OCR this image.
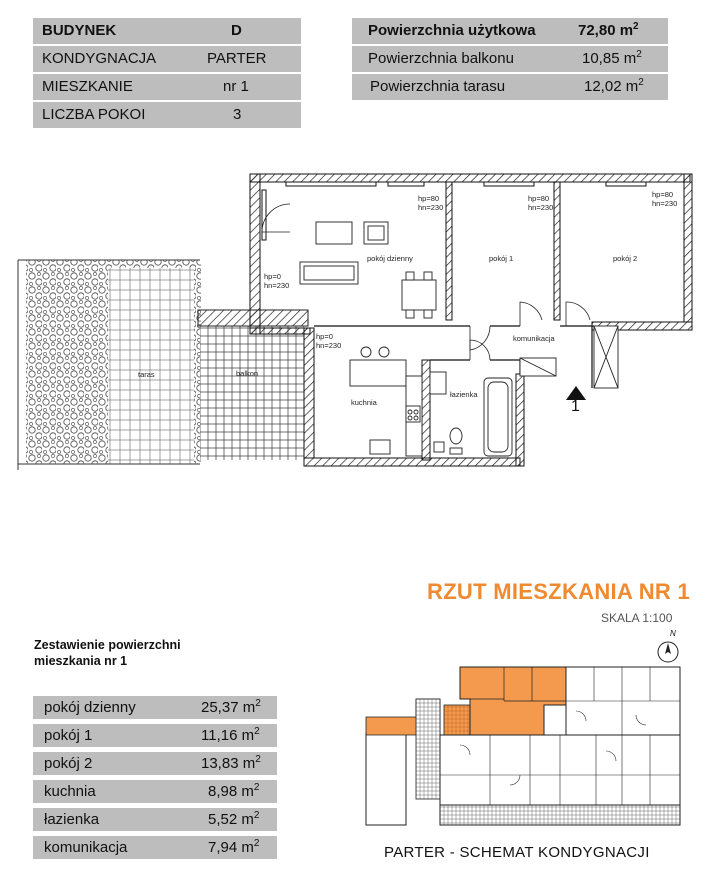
BUDYNEK	D
KONDYGNACJA	PARTER
MIESZKANIE	nr 1
LICZBA POKOI	3
Powierzchnia użytkowa	72,80 $m^2$
Powierzchnia balkonu	10,85 $m^2$
Powierzchnia tarasu	12,02 $m^2$
taras	balkon
pokój dzienny	pokój 1	pokój 2
komunikacja
kuchnia
łazienka
hp=80
hn=230
hp=80
hn=230
hp=80
hn=230
hp=0
hn=230
hp=0
hn=230
1
RZUT MIESZKANIA NR 1
SKALA 1:100
N
Zestawienie powierzchni
mieszkania nr 1
pokój dzienny	25,37 $m^2$
pokój 1	11,16 $m^2$
pokój 2	13,83 $m^2$
kuchnia	8,98 $m^2$
łazienka	5,52 $m^2$
komunikacja	7,94 $m^2$
PARTER - SCHEMAT KONDYGNACJI
